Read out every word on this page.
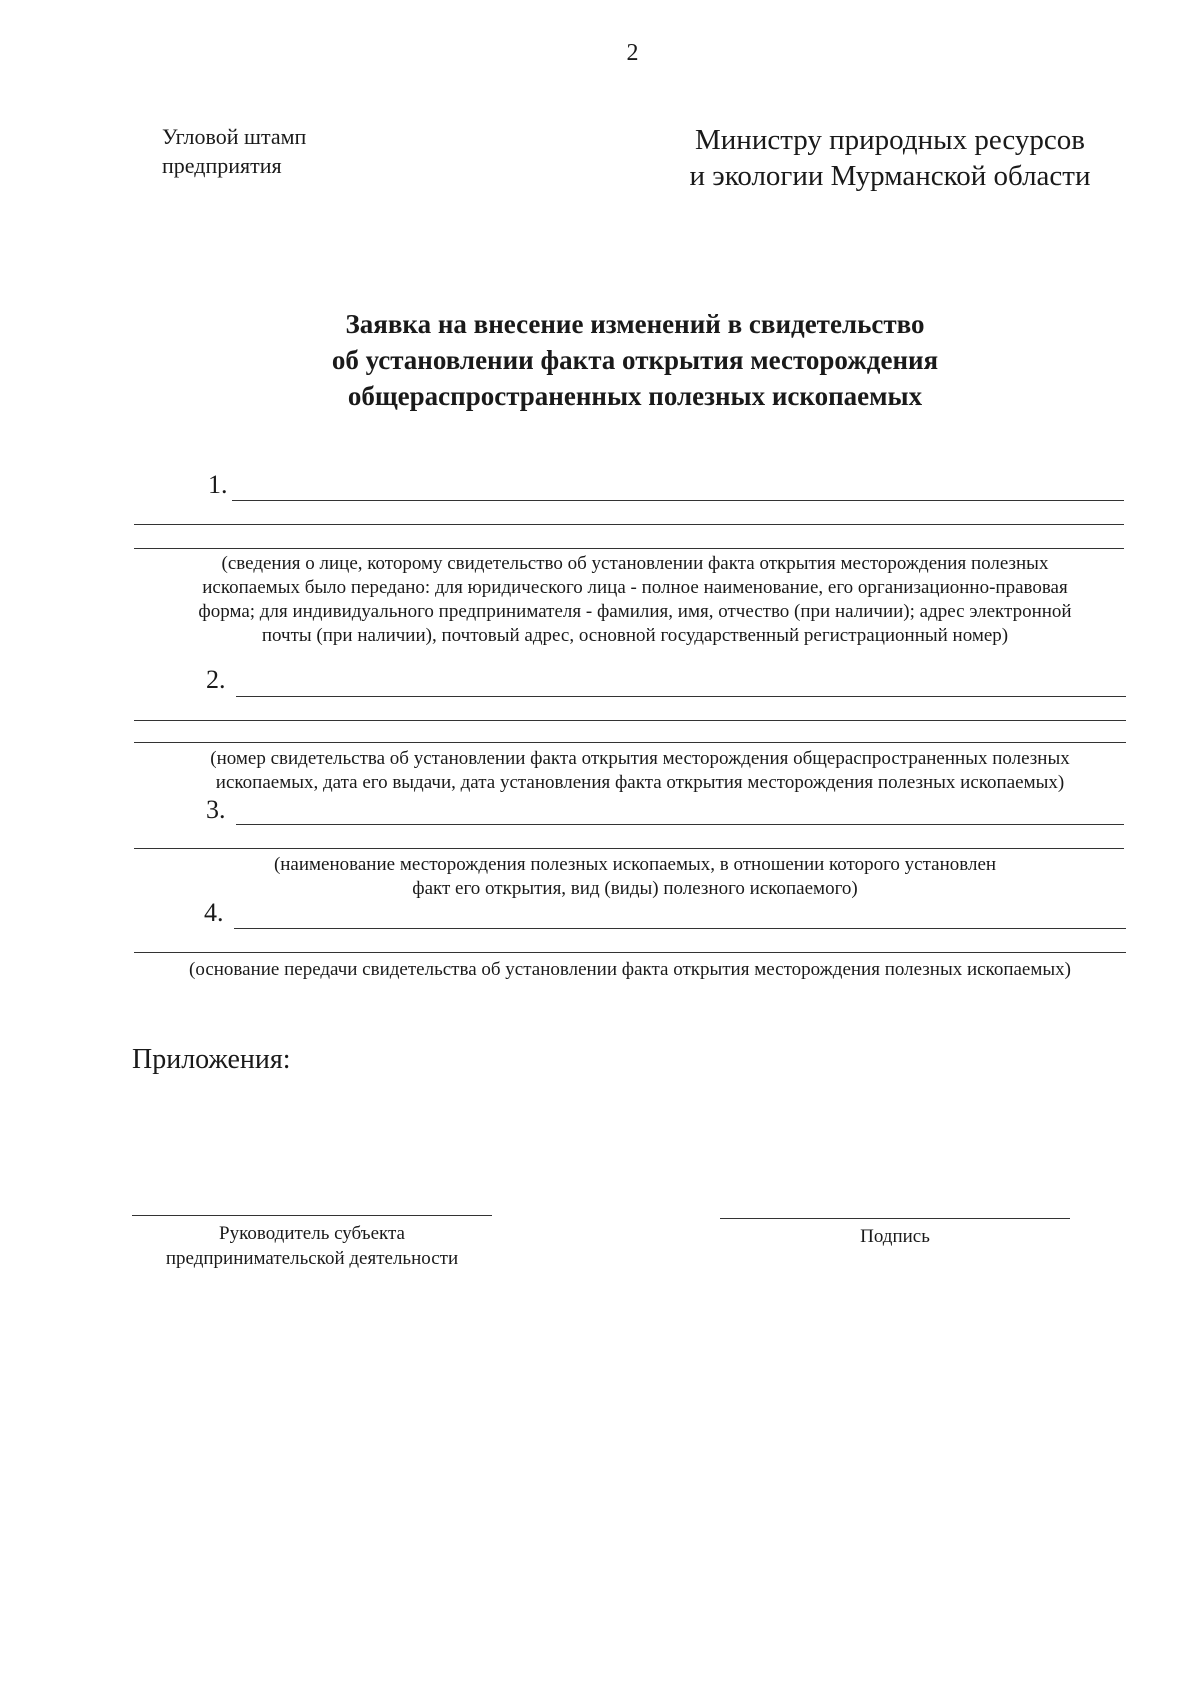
2
Угловой штамп
предприятия
Министру природных ресурсов
и экологии Мурманской области
Заявка на внесение изменений в свидетельство
об установлении факта открытия месторождения
общераспространенных полезных ископаемых
1.
(сведения о лице, которому свидетельство об установлении факта открытия месторождения полезных
ископаемых было передано: для юридического лица - полное наименование, его организационно-правовая
форма; для индивидуального предпринимателя - фамилия, имя, отчество (при наличии); адрес электронной
почты (при наличии), почтовый адрес, основной государственный регистрационный номер)
2.
(номер свидетельства об установлении факта открытия месторождения общераспространенных полезных
ископаемых, дата его выдачи, дата установления факта открытия месторождения полезных ископаемых)
3.
(наименование месторождения полезных ископаемых, в отношении которого установлен
факт его открытия, вид (виды) полезного ископаемого)
4.
(основание передачи свидетельства об установлении факта открытия месторождения полезных ископаемых)
Приложения:
Руководитель субъекта
предпринимательской деятельности
Подпись
